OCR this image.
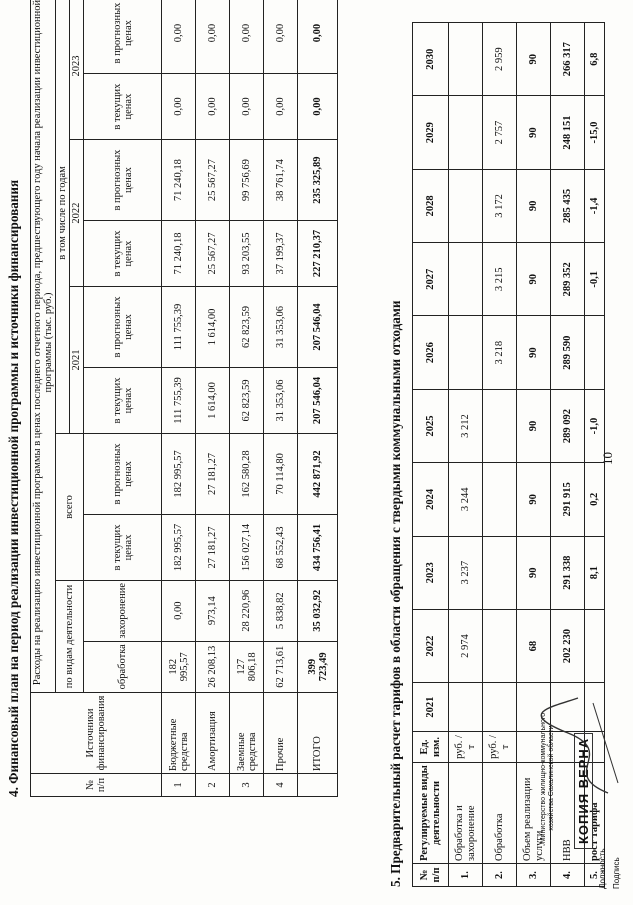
10
4. Финансовый план на период реализации инвестиционной программы и источники финансирования	№ п/п	Источники финансирования	Расходы на реализацию инвестиционной программы в ценах последнего отчетного периода, предшествующего году начала реализации инвестиционной программы (тыс. руб.)									
		по видам деятельности		всего		в том числе по годам					
						2021		2022		2023	
		обработка	захоронение	в текущих ценах	в прогнозных ценах	в текущих ценах	в прогнозных ценах	в текущих ценах	в прогнозных ценах	в текущих ценах	в прогнозных ценах
1	Бюджетные средства	182 995,57	0,00	182 995,57	182 995,57	111 755,39	111 755,39	71 240,18	71 240,18	0,00	0,00
2	Амортизация	26 208,13	973,14	27 181,27	27 181,27	1 614,00	1 614,00	25 567,27	25 567,27	0,00	0,00
3	Заемные средства	127 806,18	28 220,96	156 027,14	162 580,28	62 823,59	62 823,59	93 203,55	99 756,69	0,00	0,00
4	Прочие	62 713,61	5 838,82	68 552,43	70 114,80	31 353,06	31 353,06	37 199,37	38 761,74	0,00	0,00
	ИТОГО	399 723,49	35 032,92	434 756,41	442 871,92	207 546,04	207 546,04	227 210,37	235 325,89	0,00	0,00
5. Предварительный расчет тарифов в области обращения с твердыми коммунальными отходами № п/п	Регулируемые виды деятельности	Ед. изм.	2021	2022	2023	2024	2025	2026	2027	2028	2029	2030
1.	Обработка и захоронение	руб. / т		2 974	3 237	3 244	3 212					
2.	Обработка	руб. / т						3 218	3 215	3 172	2 757	2 959
3.	Объем реализации услуги			68	90	90	90	90	90	90	90	90
4.	НВВ			202 230	291 338	291 915	289 092	289 590	289 352	285 435	248 151	266 317
5.	рост тарифа				8,1	0,2	-1,0		-0,1	-1,4	-15,0	6,8
Министерство жилищно-коммунального хозяйства Сахалинской области КОПИЯ ВЕРНА
Должность Подпись
